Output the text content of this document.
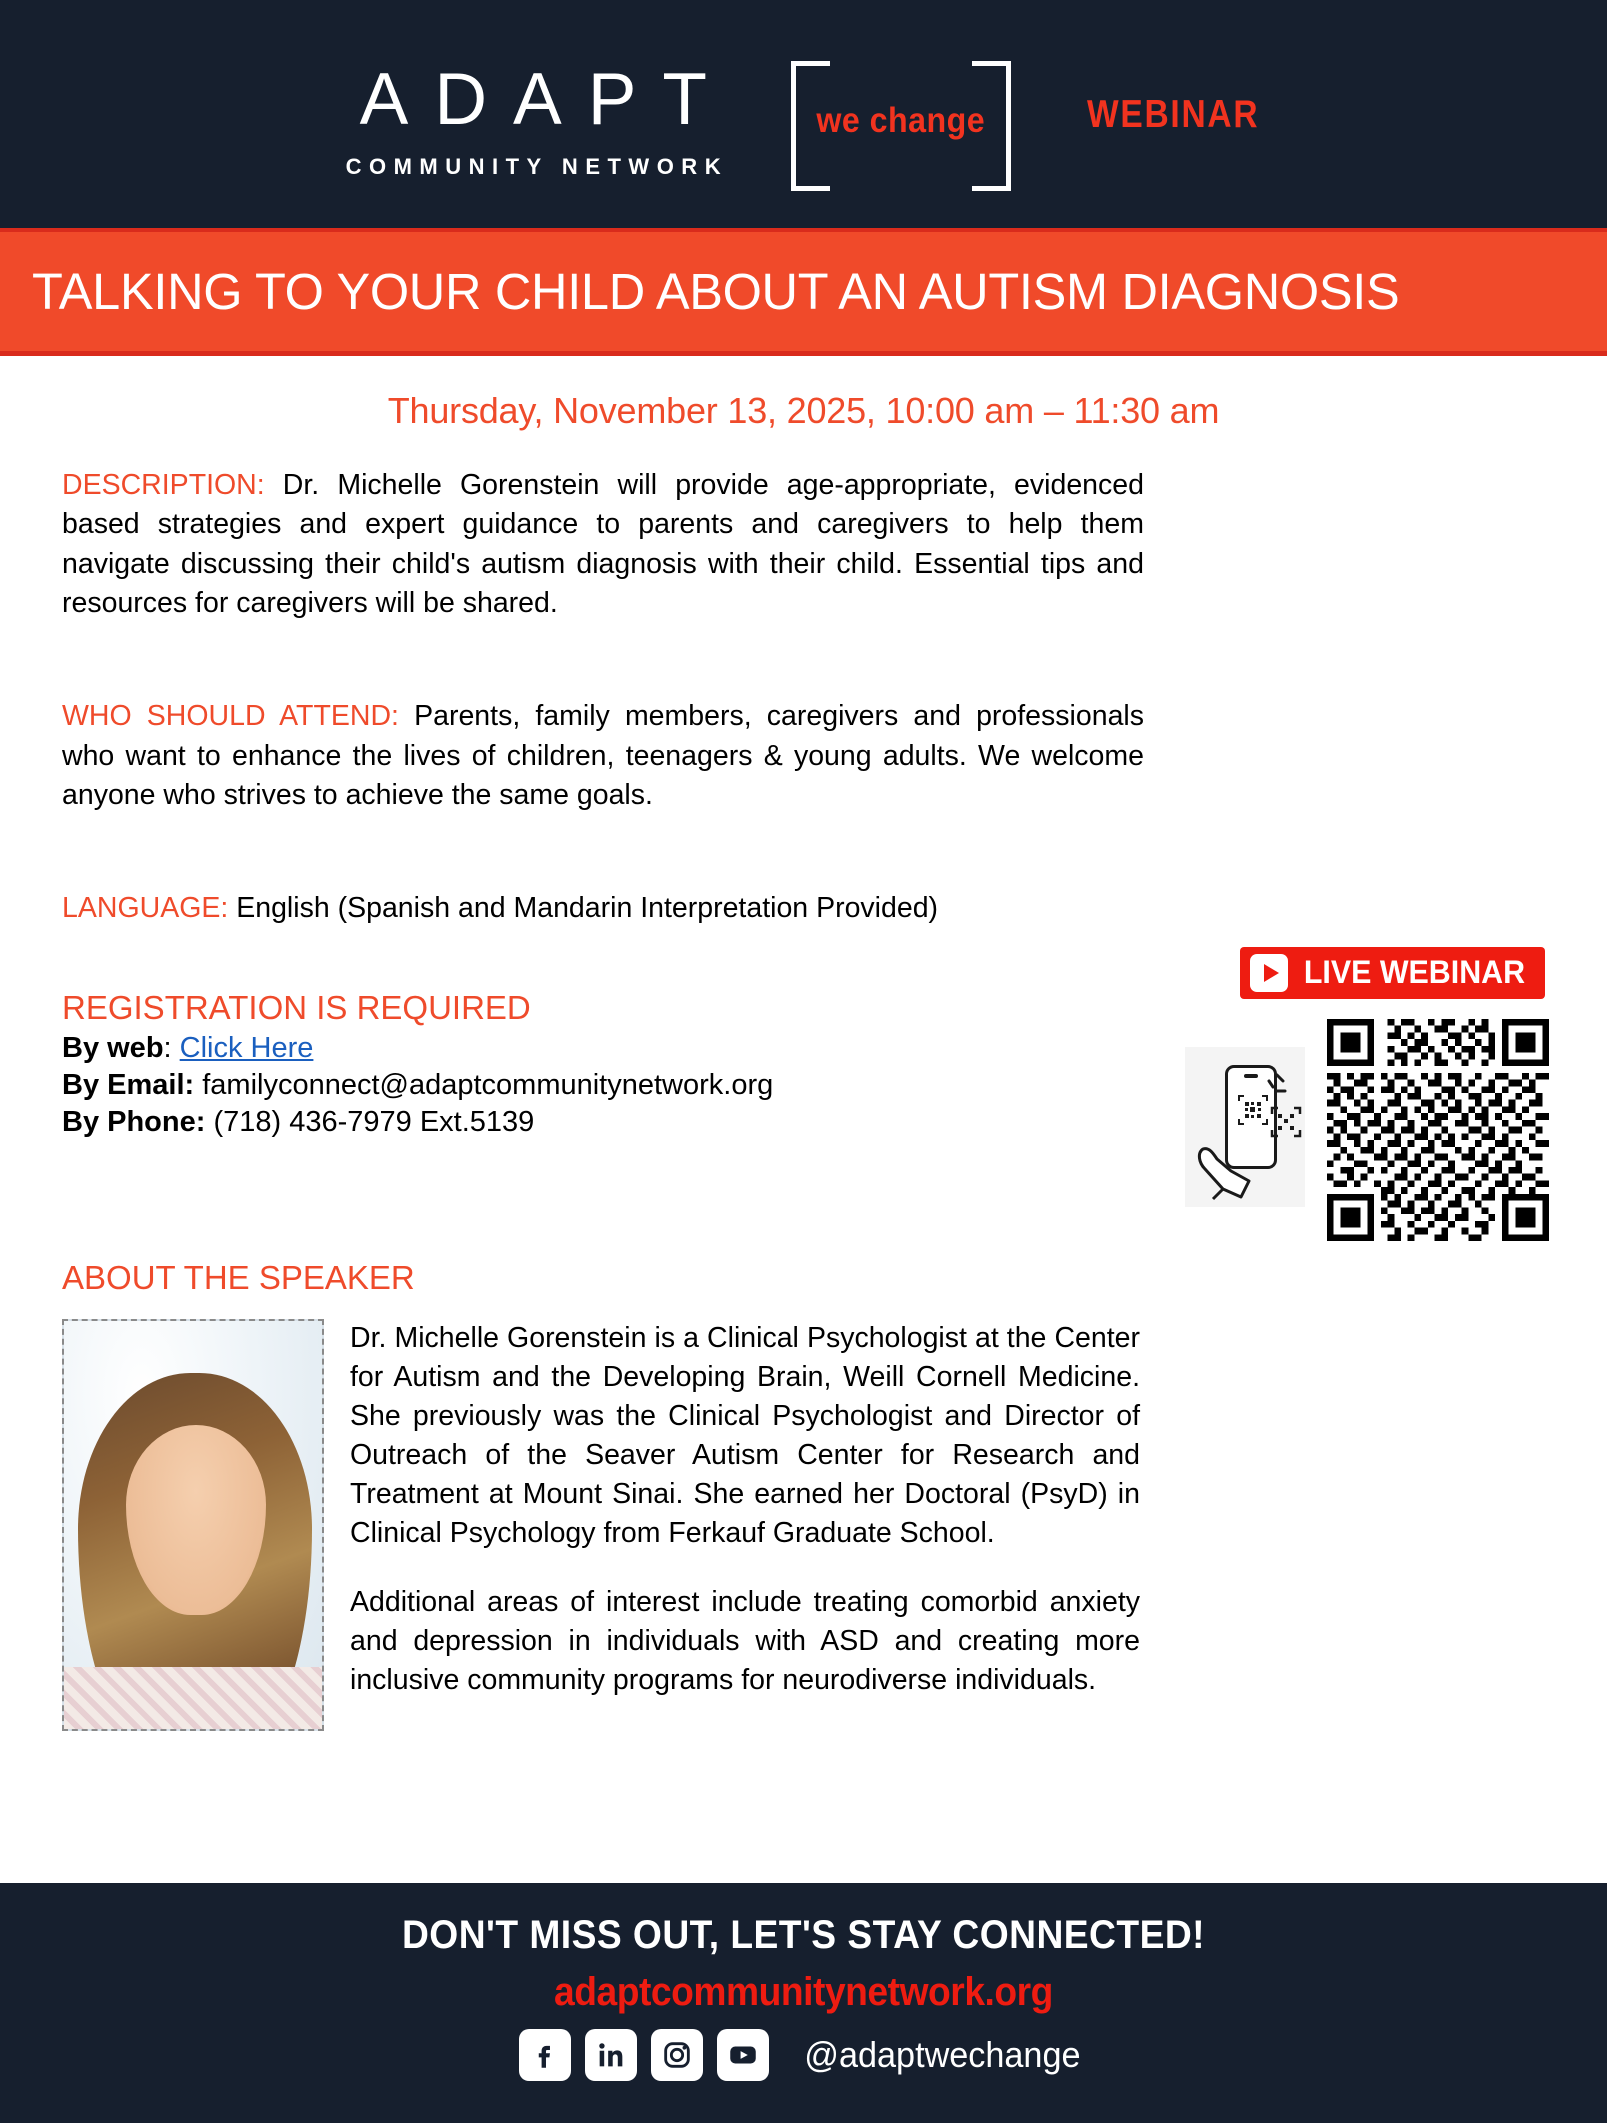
ADAPT
COMMUNITY NETWORK
we change	WEBINAR
TALKING TO YOUR CHILD ABOUT AN AUTISM DIAGNOSIS
Thursday, November 13, 2025, 10:00 am – 11:30 am

DESCRIPTION: Dr. Michelle Gorenstein will provide age-appropriate, evidenced based strategies and expert guidance to parents and caregivers to help them navigate discussing their child's autism diagnosis with their child. Essential tips and resources for caregivers will be shared.

WHO SHOULD ATTEND: Parents, family members, caregivers and professionals who want to enhance the lives of children, teenagers & young adults. We welcome anyone who strives to achieve the same goals.

LANGUAGE: English (Spanish and Mandarin Interpretation Provided)

REGISTRATION IS REQUIRED
By web: Click Here
By Email: familyconnect@adaptcommunitynetwork.org
By Phone: (718) 436-7979 Ext.5139
LIVE WEBINAR
ABOUT THE SPEAKER

Dr. Michelle Gorenstein is a Clinical Psychologist at the Center for Autism and the Developing Brain, Weill Cornell Medicine. She previously was the Clinical Psychologist and Director of Outreach of the Seaver Autism Center for Research and Treatment at Mount Sinai. She earned her Doctoral (PsyD) in Clinical Psychology from Ferkauf Graduate School.

Additional areas of interest include treating comorbid anxiety and depression in individuals with ASD and creating more inclusive community programs for neurodiverse individuals.

DON'T MISS OUT, LET'S STAY CONNECTED!
adaptcommunitynetwork.org
@adaptwechange
